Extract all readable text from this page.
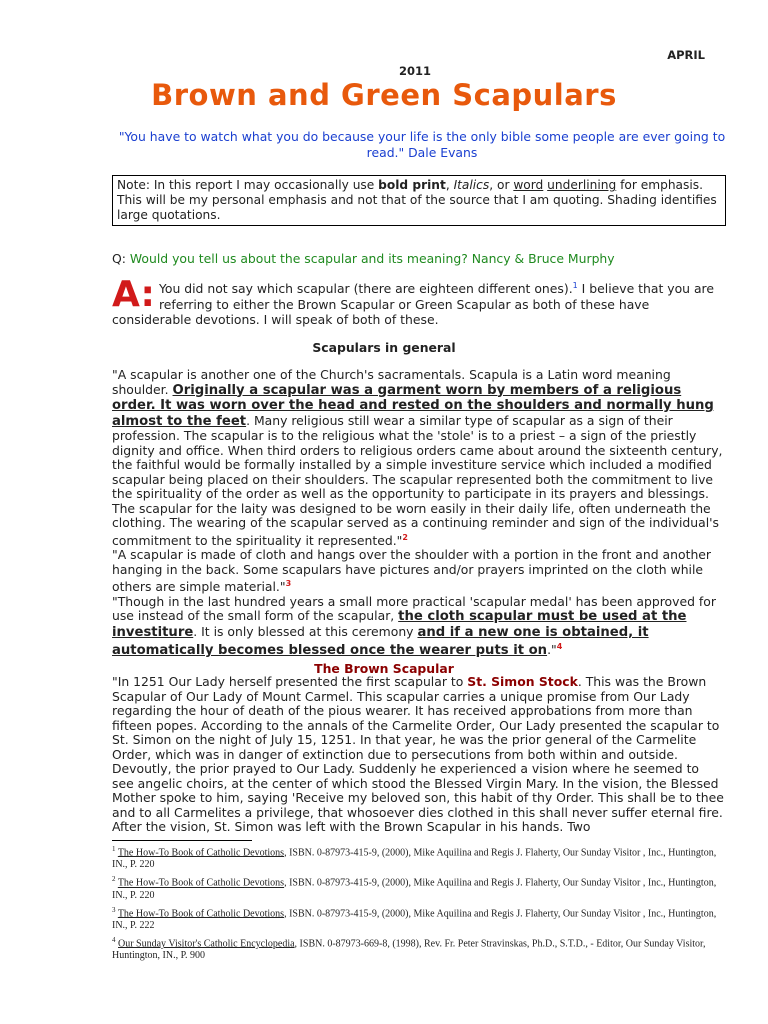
APRIL
2011
Brown and Green Scapulars
"You have to watch what you do because your life is the only bible some people are ever going to read." Dale Evans
Note: In this report I may occasionally use bold print, Italics, or word underlining for emphasis. This will be my personal emphasis and not that of the source that I am quoting. Shading identifies large quotations.
Q: Would you tell us about the scapular and its meaning? Nancy & Bruce Murphy
A: You did not say which scapular (there are eighteen different ones).$^1$ I believe that you are referring to either the Brown Scapular or Green Scapular as both of these have considerable devotions. I will speak of both of these.
Scapulars in general

"A scapular is another one of the Church's sacramentals. Scapula is a Latin word meaning shoulder. Originally a scapular was a garment worn by members of a religious order. It was worn over the head and rested on the shoulders and normally hung almost to the feet. Many religious still wear a similar type of scapular as a sign of their profession. The scapular is to the religious what the 'stole' is to a priest – a sign of the priestly dignity and office. When third orders to religious orders came about around the sixteenth century, the faithful would be formally installed by a simple investiture service which included a modified scapular being placed on their shoulders. The scapular represented both the commitment to live the spirituality of the order as well as the opportunity to participate in its prayers and blessings. The scapular for the laity was designed to be worn easily in their daily life, often underneath the clothing. The wearing of the scapular served as a continuing reminder and sign of the individual's commitment to the spirituality it represented."$^2$

"A scapular is made of cloth and hangs over the shoulder with a portion in the front and another hanging in the back. Some scapulars have pictures and/or prayers imprinted on the cloth while others are simple material."$^3$

"Though in the last hundred years a small more practical 'scapular medal' has been approved for use instead of the small form of the scapular, the cloth scapular must be used at the investiture. It is only blessed at this ceremony and if a new one is obtained, it automatically becomes blessed once the wearer puts it on."$^4$

The Brown Scapular

"In 1251 Our Lady herself presented the first scapular to St. Simon Stock. This was the Brown Scapular of Our Lady of Mount Carmel. This scapular carries a unique promise from Our Lady regarding the hour of death of the pious wearer. It has received approbations from more than fifteen popes. According to the annals of the Carmelite Order, Our Lady presented the scapular to St. Simon on the night of July 15, 1251. In that year, he was the prior general of the Carmelite Order, which was in danger of extinction due to persecutions from both within and outside. Devoutly, the prior prayed to Our Lady. Suddenly he experienced a vision where he seemed to see angelic choirs, at the center of which stood the Blessed Virgin Mary. In the vision, the Blessed Mother spoke to him, saying 'Receive my beloved son, this habit of thy Order. This shall be to thee and to all Carmelites a privilege, that whosoever dies clothed in this shall never suffer eternal fire. After the vision, St. Simon was left with the Brown Scapular in his hands. Two

$^1$ The How-To Book of Catholic Devotions, ISBN. 0-87973-415-9, (2000), Mike Aquilina and Regis J. Flaherty, Our Sunday Visitor , Inc., Huntington, IN., P. 220
$^2$ The How-To Book of Catholic Devotions, ISBN. 0-87973-415-9, (2000), Mike Aquilina and Regis J. Flaherty, Our Sunday Visitor , Inc., Huntington, IN., P. 220
$^3$ The How-To Book of Catholic Devotions, ISBN. 0-87973-415-9, (2000), Mike Aquilina and Regis J. Flaherty, Our Sunday Visitor , Inc., Huntington, IN., P. 222
$^4$ Our Sunday Visitor's Catholic Encyclopedia, ISBN. 0-87973-669-8, (1998), Rev. Fr. Peter Stravinskas, Ph.D., S.T.D., - Editor, Our Sunday Visitor, Huntington, IN., P. 900
